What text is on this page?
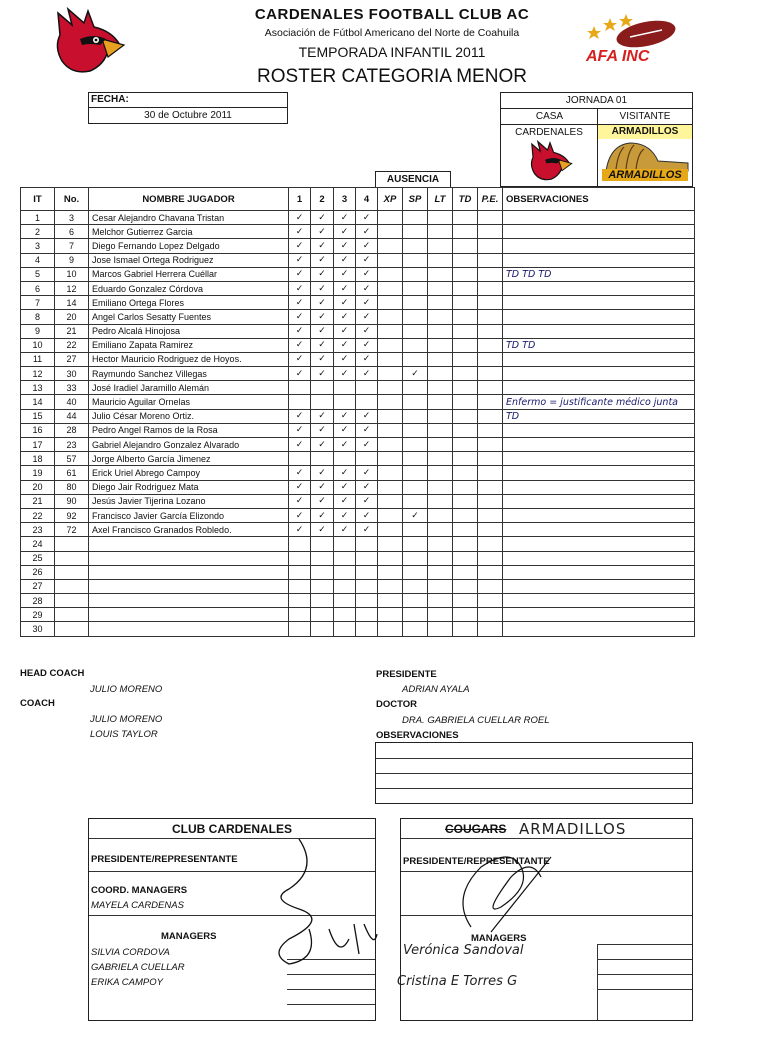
CARDENALES FOOTBALL CLUB AC
Asociación de Fútbol Americano del Norte de Coahuila
TEMPORADA INFANTIL 2011
ROSTER CATEGORIA MENOR
AFA INC
FECHA:
30 de Octubre 2011
JORNADA 01
CASA	VISITANTE
CARDENALES	ARMADILLOS
ARMADILLOS
AUSENCIA
IT	No.	NOMBRE JUGADOR	1	2	3	4	XP	SP	LT	TD	P.E.	OBSERVACIONES
1	3	Cesar Alejandro Chavana Tristan	✓	✓	✓	✓						
2	6	Melchor Gutierrez Garcia	✓	✓	✓	✓						
3	7	Diego Fernando Lopez Delgado	✓	✓	✓	✓						
4	9	Jose Ismael Ortega Rodriguez	✓	✓	✓	✓						
5	10	Marcos Gabriel Herrera Cuéllar	✓	✓	✓	✓						TD TD TD
6	12	Eduardo Gonzalez Córdova	✓	✓	✓	✓						
7	14	Emiliano Ortega Flores	✓	✓	✓	✓						
8	20	Angel Carlos Sesatty Fuentes	✓	✓	✓	✓						
9	21	Pedro Alcalá Hinojosa	✓	✓	✓	✓						
10	22	Emiliano Zapata Ramirez	✓	✓	✓	✓						TD TD
11	27	Hector Mauricio Rodriguez de Hoyos.	✓	✓	✓	✓						
12	30	Raymundo Sanchez Villegas	✓	✓	✓	✓		✓				
13	33	José Iradiel Jaramillo Alemán										
14	40	Mauricio Aguilar Ornelas										Enfermo = justificante médico junta
15	44	Julio César Moreno Ortiz.	✓	✓	✓	✓						TD
16	28	Pedro Angel Ramos de la Rosa	✓	✓	✓	✓						
17	23	Gabriel Alejandro Gonzalez Alvarado	✓	✓	✓	✓						
18	57	Jorge Alberto García Jimenez										
19	61	Erick Uriel Abrego Campoy	✓	✓	✓	✓						
20	80	Diego Jair Rodriguez Mata	✓	✓	✓	✓						
21	90	Jesús Javier Tijerina Lozano	✓	✓	✓	✓						
22	92	Francisco Javier García Elizondo	✓	✓	✓	✓		✓				
23	72	Axel Francisco Granados Robledo.	✓	✓	✓	✓						
24												
25												
26												
27												
28												
29												
30												
HEAD COACH
JULIO MORENO
COACH
JULIO MORENO
LOUIS TAYLOR
PRESIDENTE
ADRIAN AYALA
DOCTOR
DRA. GABRIELA CUELLAR ROEL
OBSERVACIONES
CLUB CARDENALES
PRESIDENTE/REPRESENTANTE
COORD. MANAGERS
MAYELA CARDENAS
MANAGERS
SILVIA CORDOVA
GABRIELA CUELLAR
ERIKA CAMPOY
COUGARS ARMADILLOS
PRESIDENTE/REPRESENTANTE
MANAGERS
Verónica Sandoval
Cristina E Torres G
